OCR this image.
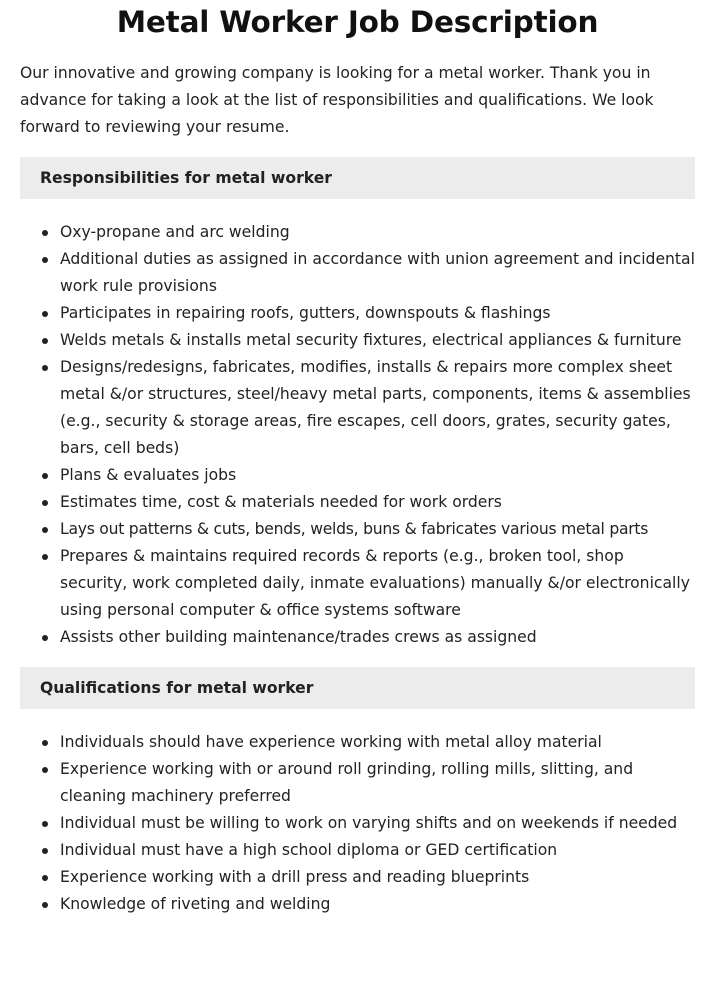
Metal Worker Job Description

Our innovative and growing company is looking for a metal worker. Thank you in advance for taking a look at the list of responsibilities and qualifications. We look forward to reviewing your resume.

Responsibilities for metal worker
Oxy-propane and arc welding
Additional duties as assigned in accordance with union agreement and incidental work rule provisions
Participates in repairing roofs, gutters, downspouts & flashings
Welds metals & installs metal security fixtures, electrical appliances & furniture
Designs/redesigns, fabricates, modifies, installs & repairs more complex sheet metal &/or structures, steel/heavy metal parts, components, items & assemblies (e.g., security & storage areas, fire escapes, cell doors, grates, security gates, bars, cell beds)
Plans & evaluates jobs
Estimates time, cost & materials needed for work orders
Lays out patterns & cuts, bends, welds, buns & fabricates various metal parts
Prepares & maintains required records & reports (e.g., broken tool, shop security, work completed daily, inmate evaluations) manually &/or electronically using personal computer & office systems software
Assists other building maintenance/trades crews as assigned
Qualifications for metal worker
Individuals should have experience working with metal alloy material
Experience working with or around roll grinding, rolling mills, slitting, and cleaning machinery preferred
Individual must be willing to work on varying shifts and on weekends if needed
Individual must have a high school diploma or GED certification
Experience working with a drill press and reading blueprints
Knowledge of riveting and welding
